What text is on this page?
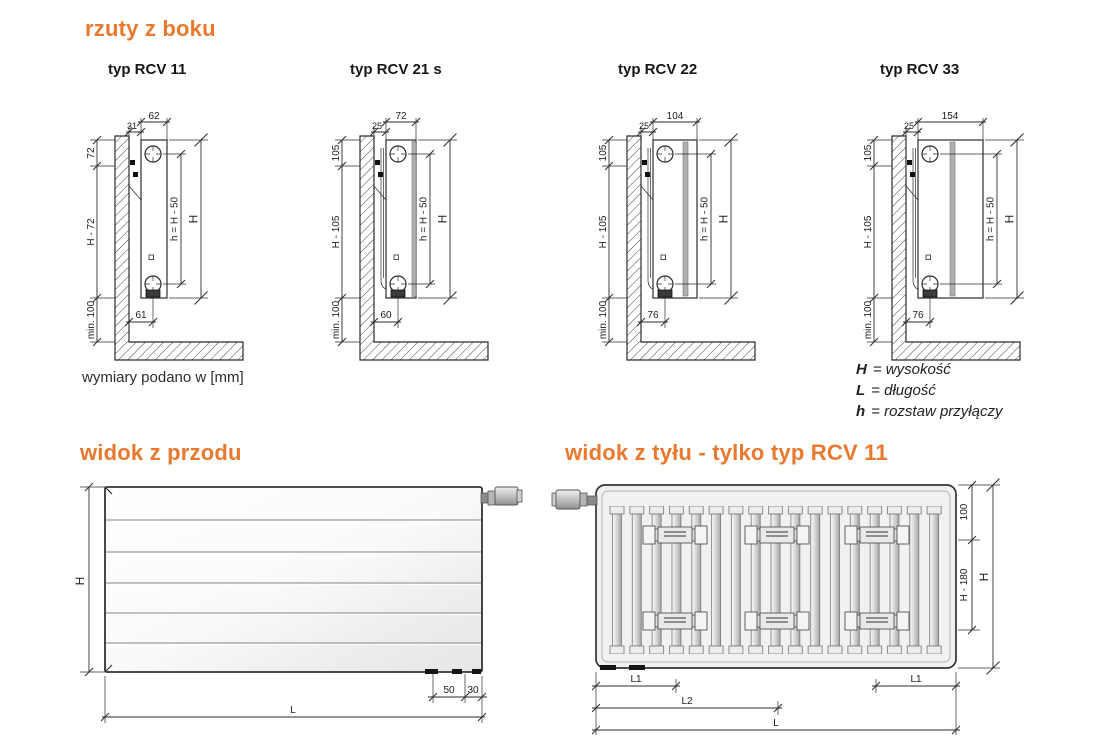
rzuty z boku
typ RCV 11	typ RCV 21 s	typ RCV 22	typ RCV 33
wymiary podano w [mm]	H = wysokość
L = długość
h = rozstaw przyłączy
widok z przodu	widok z tyłu - tylko typ RCV 11
62
31
72
H - 72
min. 100
h = H - 50 H
61
72
25
105
H - 105
min. 100
h = H - 50 H
60
104
25
105
H - 105
min. 100
h = H - 50 H
76
154
25
105
H - 105
min. 100
h = H - 50 H
76
H
50 30
L
100
H - 180 H
L1	L1
L2
L
